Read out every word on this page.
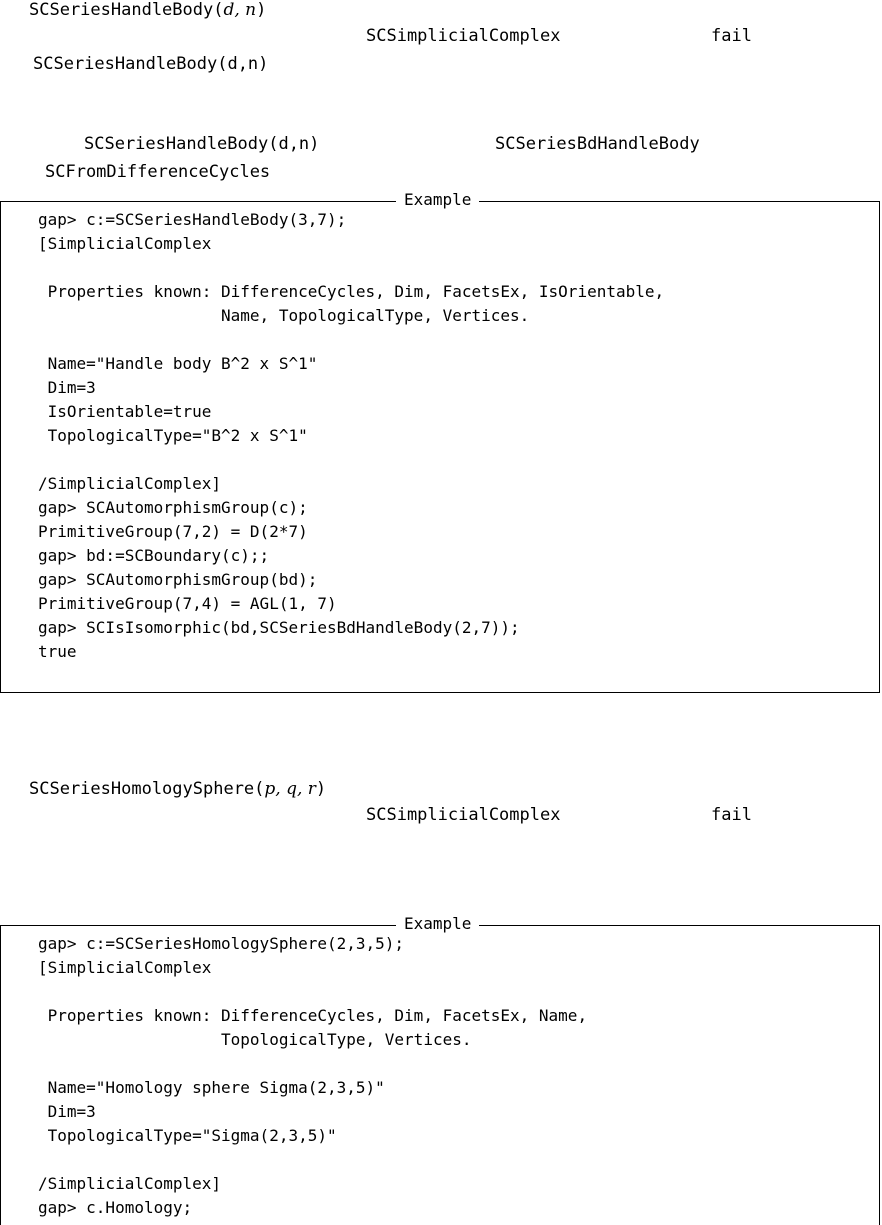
SCSeriesHandleBody(d, n)
SCSimplicialComplex	fail
SCSeriesHandleBody(d,n)
SCSeriesHandleBody(d,n)	SCSeriesBdHandleBody
SCFromDifferenceCycles
Example
gap> c:=SCSeriesHandleBody(3,7);
[SimplicialComplex

Properties known: DifferenceCycles, Dim, FacetsEx, IsOrientable,
Name, TopologicalType, Vertices.

Name="Handle body B^2 x S^1"
Dim=3
IsOrientable=true
TopologicalType="B^2 x S^1"

/SimplicialComplex]
gap> SCAutomorphismGroup(c);
PrimitiveGroup(7,2) = D(2*7)
gap> bd:=SCBoundary(c);;
gap> SCAutomorphismGroup(bd);
PrimitiveGroup(7,4) = AGL(1, 7)
gap> SCIsIsomorphic(bd,SCSeriesBdHandleBody(2,7));
true
SCSeriesHomologySphere(p, q, r)
SCSimplicialComplex	fail
Example
gap> c:=SCSeriesHomologySphere(2,3,5);
[SimplicialComplex

Properties known: DifferenceCycles, Dim, FacetsEx, Name,
TopologicalType, Vertices.

Name="Homology sphere Sigma(2,3,5)"
Dim=3
TopologicalType="Sigma(2,3,5)"

/SimplicialComplex]
gap> c.Homology;
